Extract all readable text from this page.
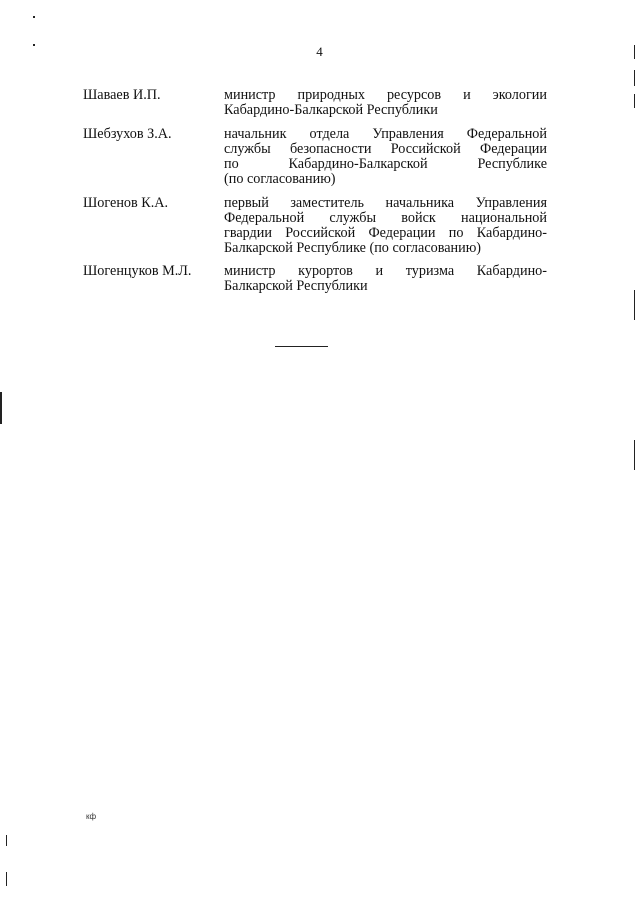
4
Шаваев И.П.	министр природных ресурсов и экологии
Кабардино-Балкарской Республики
Шебзухов З.А.	начальник отдела Управления Федеральной
службы безопасности Российской Федерации
по Кабардино-Балкарской Республике
(по согласованию)
Шогенов К.А.	первый заместитель начальника Управления
Федеральной службы войск национальной
гвардии Российской Федерации по Кабардино-
Балкарской Республике (по согласованию)
Шогенцуков М.Л.	министр курортов и туризма Кабардино-
Балкарской Республики
кф
